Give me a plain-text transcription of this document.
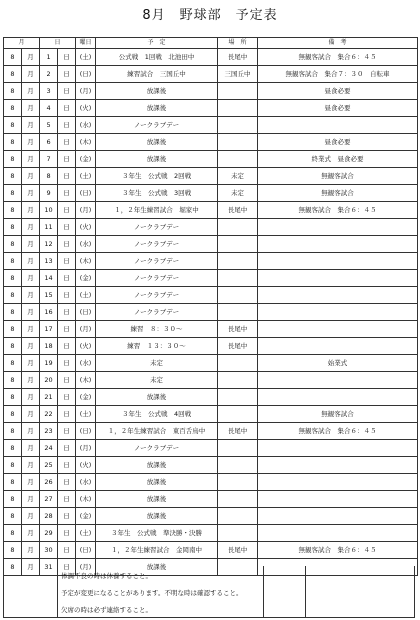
8月　野球部　予定表
月		日		曜日	予　定	場　所	備　考
8	月	1	日	(土)	公式戦　1回戦　北池田中	長尾中	無観客試合　集合６：４５
8	月	2	日	(日)	練習試合　三国丘中	三国丘中	無観客試合　集合７：３０　自転車
8	月	3	日	(月)	放課後		昼食必要
8	月	4	日	(火)	放課後		昼食必要
8	月	5	日	(水)	ノークラブデー		
8	月	6	日	(木)	放課後		昼食必要
8	月	7	日	(金)	放課後		終業式　昼食必要
8	月	8	日	(土)	３年生　公式戦　2回戦	未定	無観客試合
8	月	9	日	(日)	３年生　公式戦　3回戦	未定	無観客試合
8	月	10	日	(月)	１，２年生練習試合　堀家中	長尾中	無観客試合　集合６：４５
8	月	11	日	(火)	ノークラブデー		
8	月	12	日	(水)	ノークラブデー		
8	月	13	日	(木)	ノークラブデー		
8	月	14	日	(金)	ノークラブデー		
8	月	15	日	(土)	ノークラブデー		
8	月	16	日	(日)	ノークラブデー		
8	月	17	日	(月)	練習　８：３０～	長尾中	
8	月	18	日	(火)	練習　１３：３０～	長尾中	
8	月	19	日	(水)	未定		始業式
8	月	20	日	(木)	未定		
8	月	21	日	(金)	放課後		
8	月	22	日	(土)	３年生　公式戦　4回戦		無観客試合
8	月	23	日	(日)	１，２年生練習試合　東百舌鳥中	長尾中	無観客試合　集合６：４５
8	月	24	日	(月)	ノークラブデー		
8	月	25	日	(火)	放課後		
8	月	26	日	(水)	放課後		
8	月	27	日	(木)	放課後		
8	月	28	日	(金)	放課後		
8	月	29	日	(土)	３年生　公式戦　準決勝・決勝		
8	月	30	日	(日)	１，２年生練習試合　金岡南中	長尾中	無観客試合　集合６：４５
8	月	31	日	(月)	放課後		
体調不良の時は休養すること。
予定が変更になることがあります。不明な時は確認すること。
欠席の時は必ず連絡すること。
